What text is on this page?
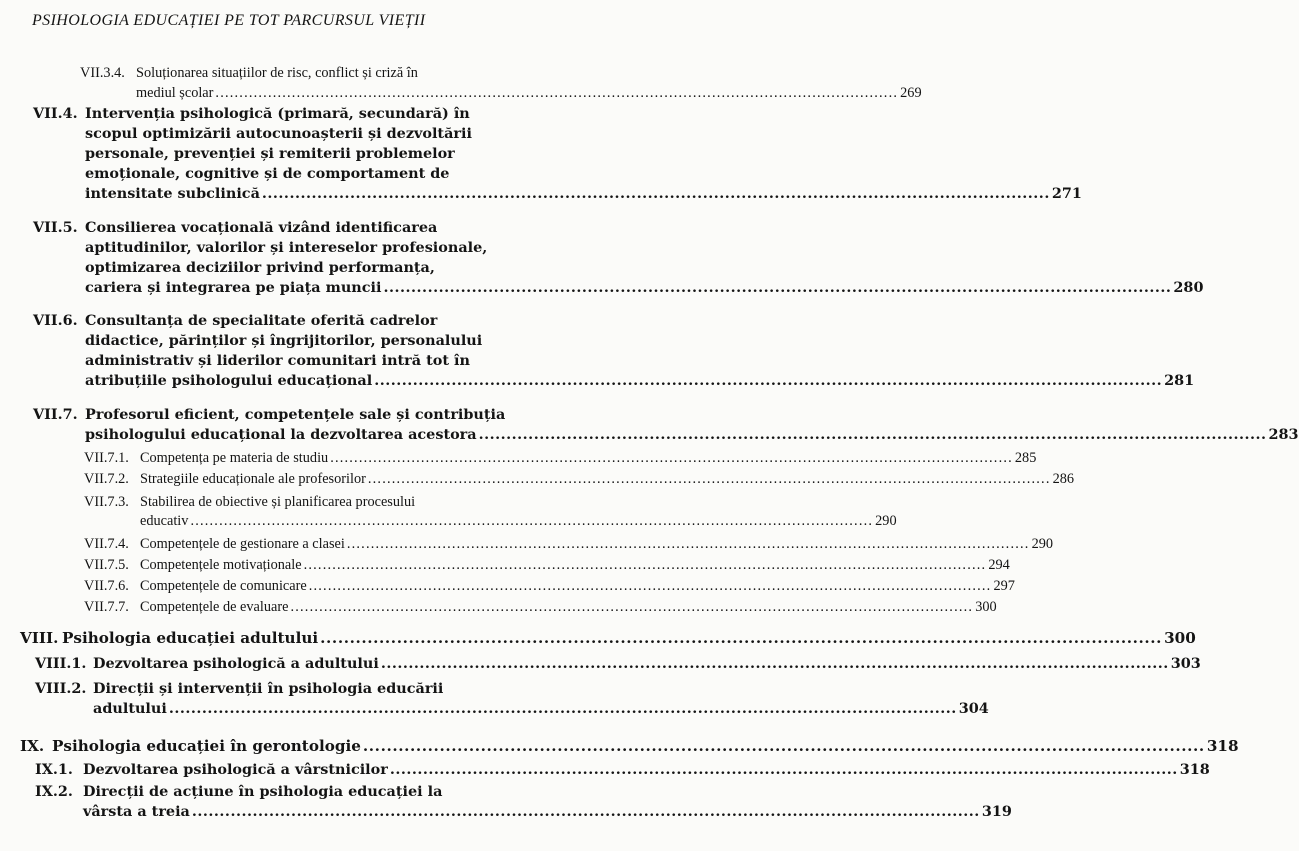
PSIHOLOGIA EDUCAȚIEI PE TOT PARCURSUL VIEȚII
VII.3.4. Soluționarea situațiilor de risc, conflict și criză în
mediul școlar ............................................................................................................................................... 269
VII.4. Intervenția psihologică (primară, secundară) în
scopul optimizării autocunoașterii și dezvoltării
personale, prevenției și remiterii problemelor
emoționale, cognitive și de comportament de
intensitate subclinică ............................................................................................................................................... 271
VII.5. Consilierea vocațională vizând identificarea
aptitudinilor, valorilor și intereselor profesionale,
optimizarea deciziilor privind performanța,
cariera și integrarea pe piața muncii ............................................................................................................................................... 280
VII.6. Consultanța de specialitate oferită cadrelor
didactice, părinților și îngrijitorilor, personalului
administrativ și liderilor comunitari intră tot în
atribuțiile psihologului educațional ............................................................................................................................................... 281
VII.7. Profesorul eficient, competențele sale și contribuția
psihologului educațional la dezvoltarea acestora ............................................................................................................................................... 283
VII.7.1. Competența pe materia de studiu ............................................................................................................................................... 285
VII.7.2. Strategiile educaționale ale profesorilor ............................................................................................................................................... 286
VII.7.3. Stabilirea de obiective și planificarea procesului
educativ ............................................................................................................................................... 290
VII.7.4. Competențele de gestionare a clasei ............................................................................................................................................... 290
VII.7.5. Competențele motivaționale ............................................................................................................................................... 294
VII.7.6. Competențele de comunicare ............................................................................................................................................... 297
VII.7.7. Competențele de evaluare ............................................................................................................................................... 300
VIII. Psihologia educației adultului ............................................................................................................................................... 300
VIII.1. Dezvoltarea psihologică a adultului ............................................................................................................................................... 303
VIII.2. Direcții și intervenții în psihologia educării
adultului ............................................................................................................................................... 304
IX. Psihologia educației în gerontologie ............................................................................................................................................... 318
IX.1. Dezvoltarea psihologică a vârstnicilor ............................................................................................................................................... 318
IX.2. Direcții de acțiune în psihologia educației la
vârsta a treia ............................................................................................................................................... 319
